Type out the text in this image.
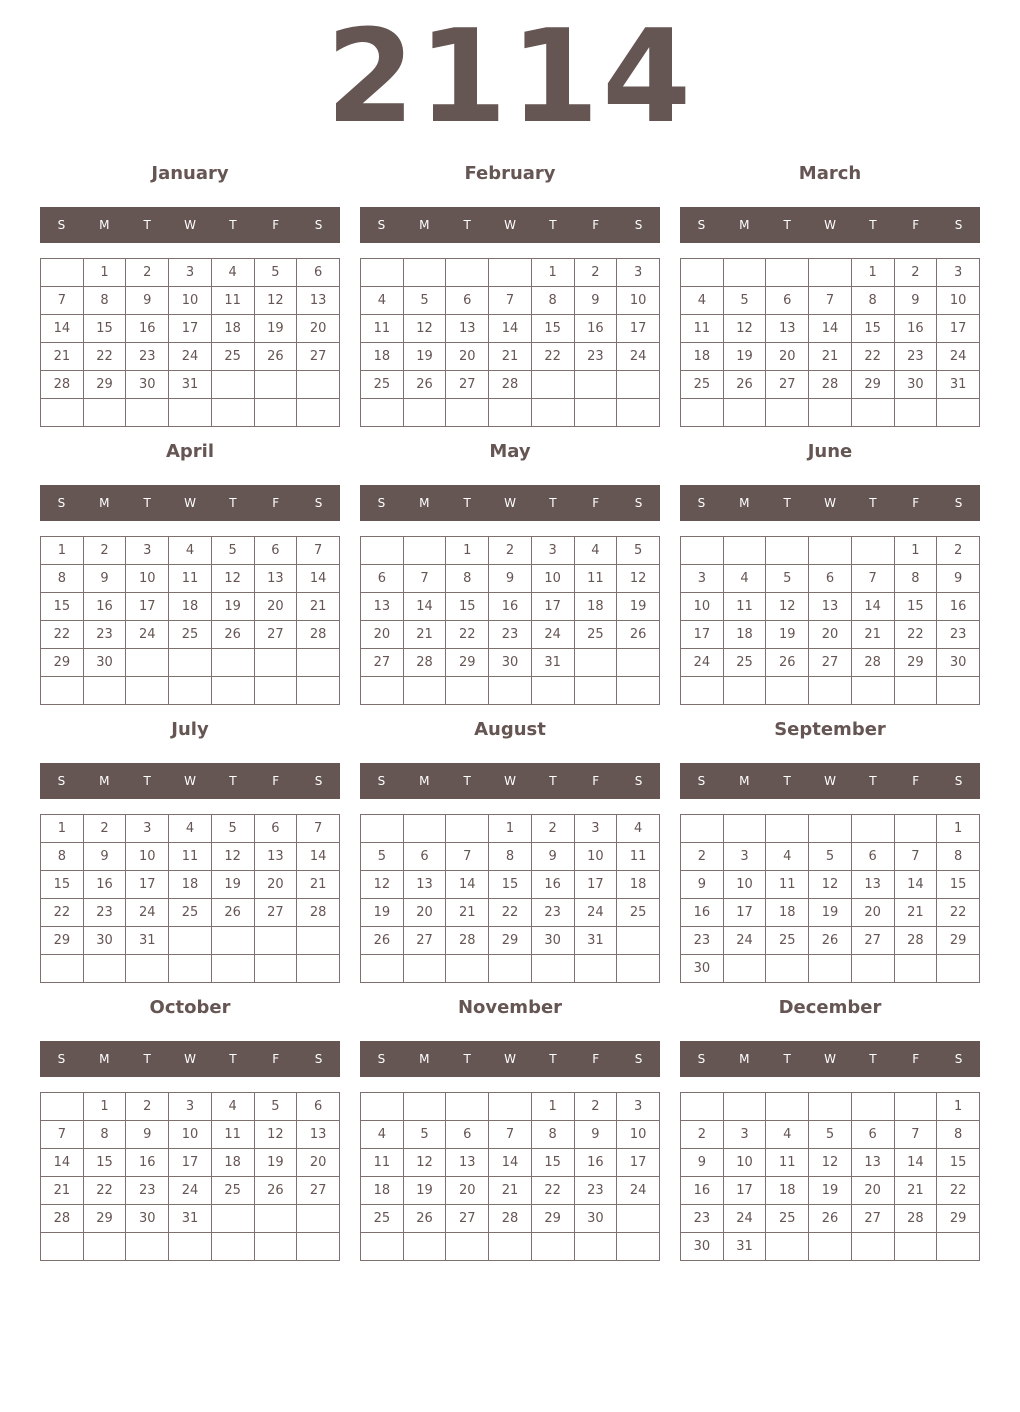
2114
January
S	M	T	W	T	F	S
	1	2	3	4	5	6
7	8	9	10	11	12	13
14	15	16	17	18	19	20
21	22	23	24	25	26	27
28	29	30	31			

February
S	M	T	W	T	F	S
				1	2	3
4	5	6	7	8	9	10
11	12	13	14	15	16	17
18	19	20	21	22	23	24
25	26	27	28			

March
S	M	T	W	T	F	S
				1	2	3
4	5	6	7	8	9	10
11	12	13	14	15	16	17
18	19	20	21	22	23	24
25	26	27	28	29	30	31

April
S	M	T	W	T	F	S
1	2	3	4	5	6	7
8	9	10	11	12	13	14
15	16	17	18	19	20	21
22	23	24	25	26	27	28
29	30					

May
S	M	T	W	T	F	S
		1	2	3	4	5
6	7	8	9	10	11	12
13	14	15	16	17	18	19
20	21	22	23	24	25	26
27	28	29	30	31		

June
S	M	T	W	T	F	S
					1	2
3	4	5	6	7	8	9
10	11	12	13	14	15	16
17	18	19	20	21	22	23
24	25	26	27	28	29	30

July
S	M	T	W	T	F	S
1	2	3	4	5	6	7
8	9	10	11	12	13	14
15	16	17	18	19	20	21
22	23	24	25	26	27	28
29	30	31				

August
S	M	T	W	T	F	S
			1	2	3	4
5	6	7	8	9	10	11
12	13	14	15	16	17	18
19	20	21	22	23	24	25
26	27	28	29	30	31	

September
S	M	T	W	T	F	S
						1
2	3	4	5	6	7	8
9	10	11	12	13	14	15
16	17	18	19	20	21	22
23	24	25	26	27	28	29
30						
October
S	M	T	W	T	F	S
	1	2	3	4	5	6
7	8	9	10	11	12	13
14	15	16	17	18	19	20
21	22	23	24	25	26	27
28	29	30	31			

November
S	M	T	W	T	F	S
				1	2	3
4	5	6	7	8	9	10
11	12	13	14	15	16	17
18	19	20	21	22	23	24
25	26	27	28	29	30	

December
S	M	T	W	T	F	S
						1
2	3	4	5	6	7	8
9	10	11	12	13	14	15
16	17	18	19	20	21	22
23	24	25	26	27	28	29
30	31					
